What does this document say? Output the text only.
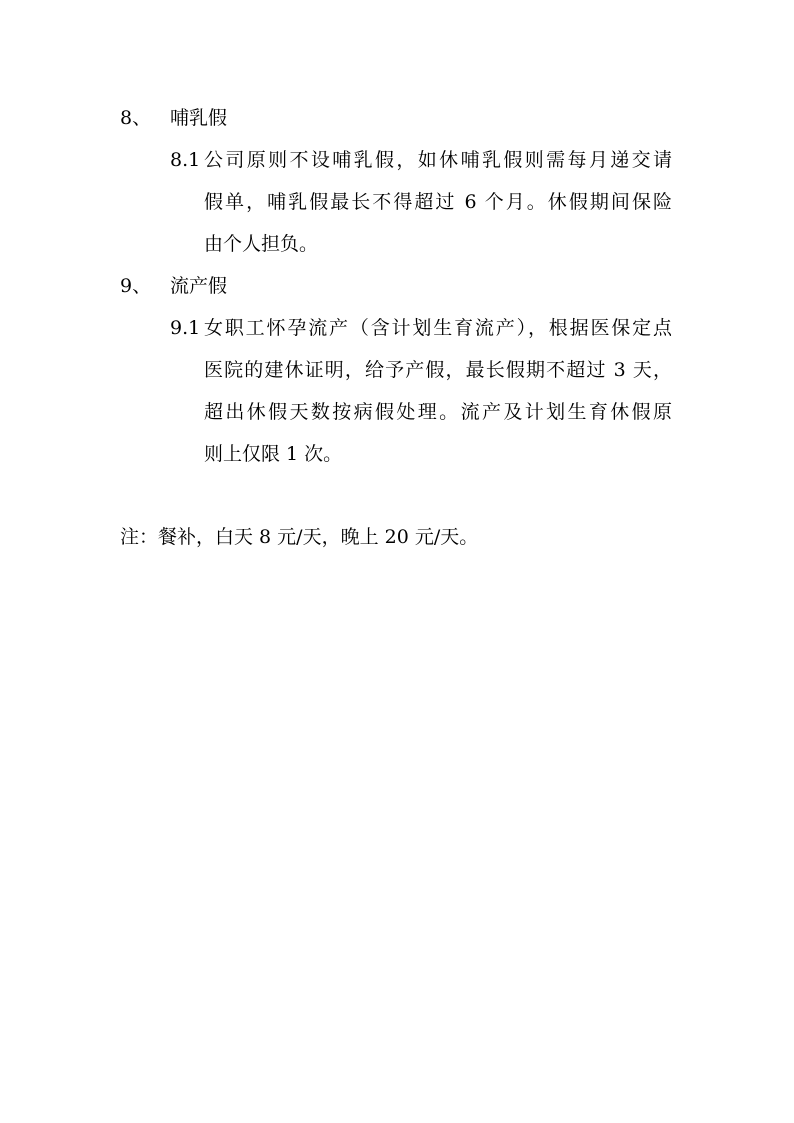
8、 哺乳假
8.1 公司原则不设哺乳假，如休哺乳假则需每月递交请
假单，哺乳假最长不得超过 6 个月。休假期间保险
由个人担负。
9、 流产假
9.1 女职工怀孕流产（含计划生育流产），根据医保定点
医院的建休证明，给予产假，最长假期不超过 3 天，
超出休假天数按病假处理。流产及计划生育休假原
则上仅限 1 次。
注：餐补，白天 8 元/天，晚上 20 元/天。
